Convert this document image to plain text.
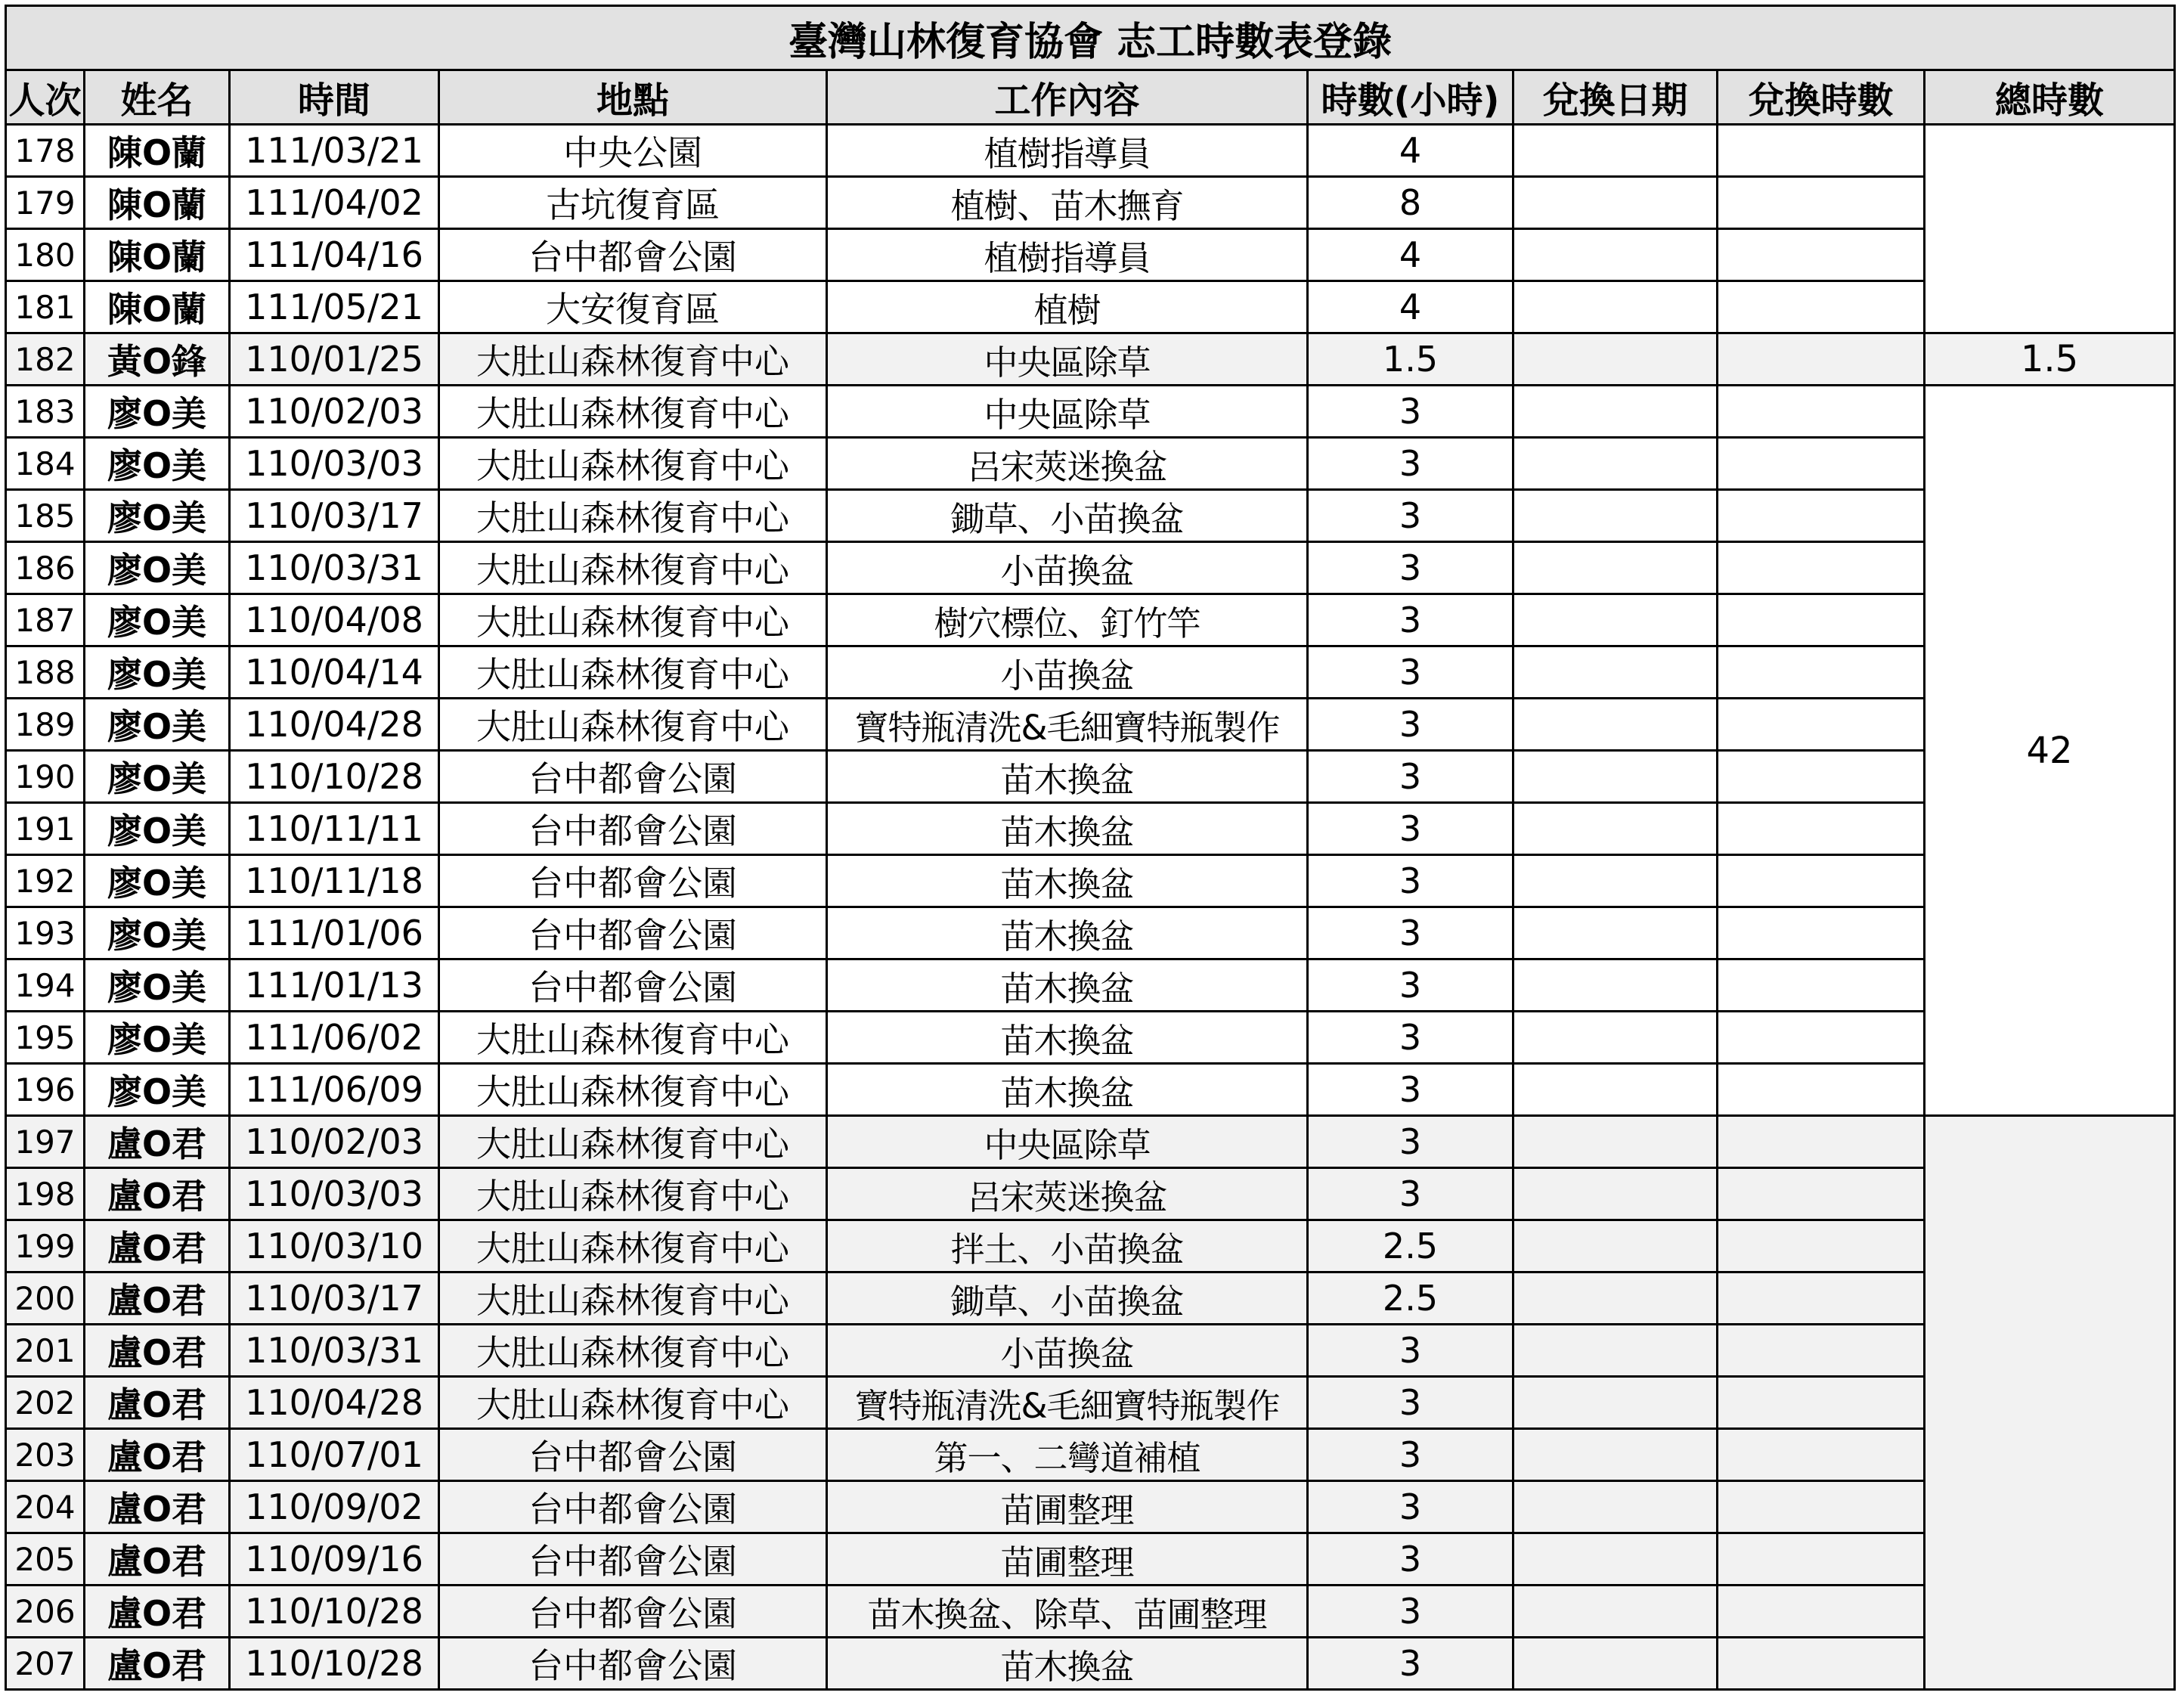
臺灣山林復育協會 志工時數表登錄								
人次	姓名	時間	地點	工作內容	時數(小時)	兌換日期	兌換時數	總時數
178	陳O蘭	111/03/21	中央公園	植樹指導員	4			
179	陳O蘭	111/04/02	古坑復育區	植樹、苗木撫育	8			
180	陳O蘭	111/04/16	台中都會公園	植樹指導員	4			
181	陳O蘭	111/05/21	大安復育區	植樹	4			
182	黃O鋒	110/01/25	大肚山森林復育中心	中央區除草	1.5			1.5
183	廖O美	110/02/03	大肚山森林復育中心	中央區除草	3			42
184	廖O美	110/03/03	大肚山森林復育中心	呂宋莢迷換盆	3			
185	廖O美	110/03/17	大肚山森林復育中心	鋤草、小苗換盆	3			
186	廖O美	110/03/31	大肚山森林復育中心	小苗換盆	3			
187	廖O美	110/04/08	大肚山森林復育中心	樹穴標位、釘竹竿	3			
188	廖O美	110/04/14	大肚山森林復育中心	小苗換盆	3			
189	廖O美	110/04/28	大肚山森林復育中心	寶特瓶清洗&毛細寶特瓶製作	3			
190	廖O美	110/10/28	台中都會公園	苗木換盆	3			
191	廖O美	110/11/11	台中都會公園	苗木換盆	3			
192	廖O美	110/11/18	台中都會公園	苗木換盆	3			
193	廖O美	111/01/06	台中都會公園	苗木換盆	3			
194	廖O美	111/01/13	台中都會公園	苗木換盆	3			
195	廖O美	111/06/02	大肚山森林復育中心	苗木換盆	3			
196	廖O美	111/06/09	大肚山森林復育中心	苗木換盆	3			
197	盧O君	110/02/03	大肚山森林復育中心	中央區除草	3			
198	盧O君	110/03/03	大肚山森林復育中心	呂宋莢迷換盆	3			
199	盧O君	110/03/10	大肚山森林復育中心	拌土、小苗換盆	2.5			
200	盧O君	110/03/17	大肚山森林復育中心	鋤草、小苗換盆	2.5			
201	盧O君	110/03/31	大肚山森林復育中心	小苗換盆	3			
202	盧O君	110/04/28	大肚山森林復育中心	寶特瓶清洗&毛細寶特瓶製作	3			
203	盧O君	110/07/01	台中都會公園	第一、二彎道補植	3			
204	盧O君	110/09/02	台中都會公園	苗圃整理	3			
205	盧O君	110/09/16	台中都會公園	苗圃整理	3			
206	盧O君	110/10/28	台中都會公園	苗木換盆、除草、苗圃整理	3			
207	盧O君	110/10/28	台中都會公園	苗木換盆	3			
